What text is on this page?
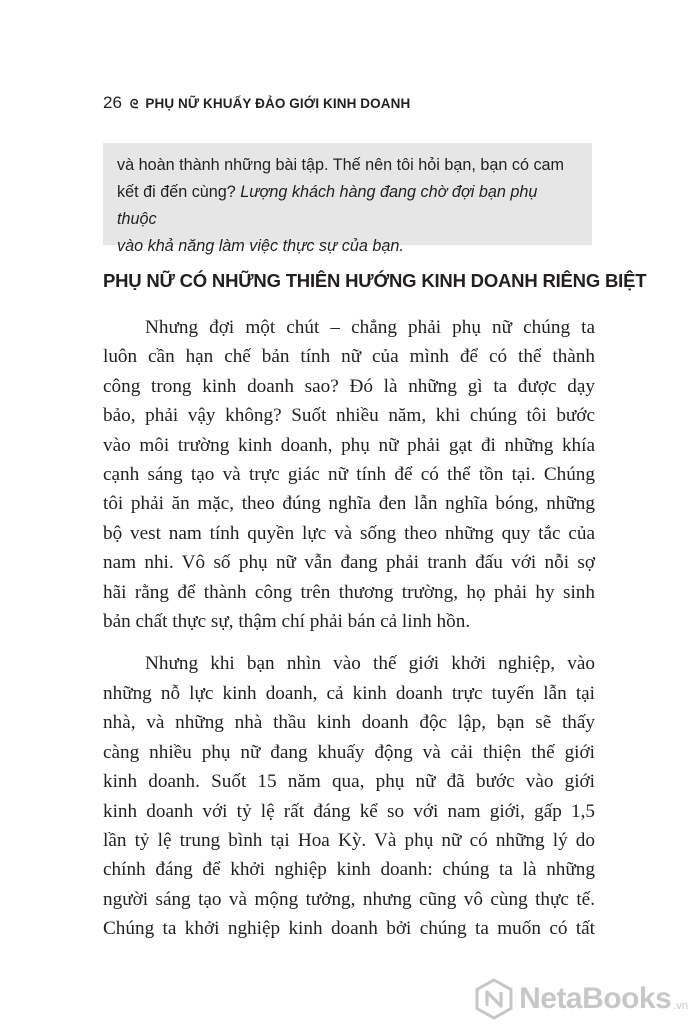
26 ᘓ PHỤ NỮ KHUẤY ĐẢO GIỚI KINH DOANH
và hoàn thành những bài tập. Thế nên tôi hỏi bạn, bạn có cam
kết đi đến cùng? Lượng khách hàng đang chờ đợi bạn phụ thuộc
vào khả năng làm việc thực sự của bạn.
PHỤ NỮ CÓ NHỮNG THIÊN HƯỚNG KINH DOANH RIÊNG BIỆT
Nhưng đợi một chút – chẳng phải phụ nữ chúng ta
luôn cần hạn chế bản tính nữ của mình để có thể thành
công trong kinh doanh sao? Đó là những gì ta được dạy
bảo, phải vậy không? Suốt nhiều năm, khi chúng tôi bước
vào môi trường kinh doanh, phụ nữ phải gạt đi những khía
cạnh sáng tạo và trực giác nữ tính để có thể tồn tại. Chúng
tôi phải ăn mặc, theo đúng nghĩa đen lẫn nghĩa bóng, những
bộ vest nam tính quyền lực và sống theo những quy tắc của
nam nhi. Vô số phụ nữ vẫn đang phải tranh đấu với nỗi sợ
hãi rằng để thành công trên thương trường, họ phải hy sinh
bản chất thực sự, thậm chí phải bán cả linh hồn.
Nhưng khi bạn nhìn vào thế giới khởi nghiệp, vào
những nỗ lực kinh doanh, cả kinh doanh trực tuyến lẫn tại
nhà, và những nhà thầu kinh doanh độc lập, bạn sẽ thấy
càng nhiều phụ nữ đang khuấy động và cải thiện thế giới
kinh doanh. Suốt 15 năm qua, phụ nữ đã bước vào giới
kinh doanh với tỷ lệ rất đáng kể so với nam giới, gấp 1,5
lần tỷ lệ trung bình tại Hoa Kỳ. Và phụ nữ có những lý do
chính đáng để khởi nghiệp kinh doanh: chúng ta là những
người sáng tạo và mộng tưởng, nhưng cũng vô cùng thực tế.
Chúng ta khởi nghiệp kinh doanh bởi chúng ta muốn có tất
NetaBooks .vn
